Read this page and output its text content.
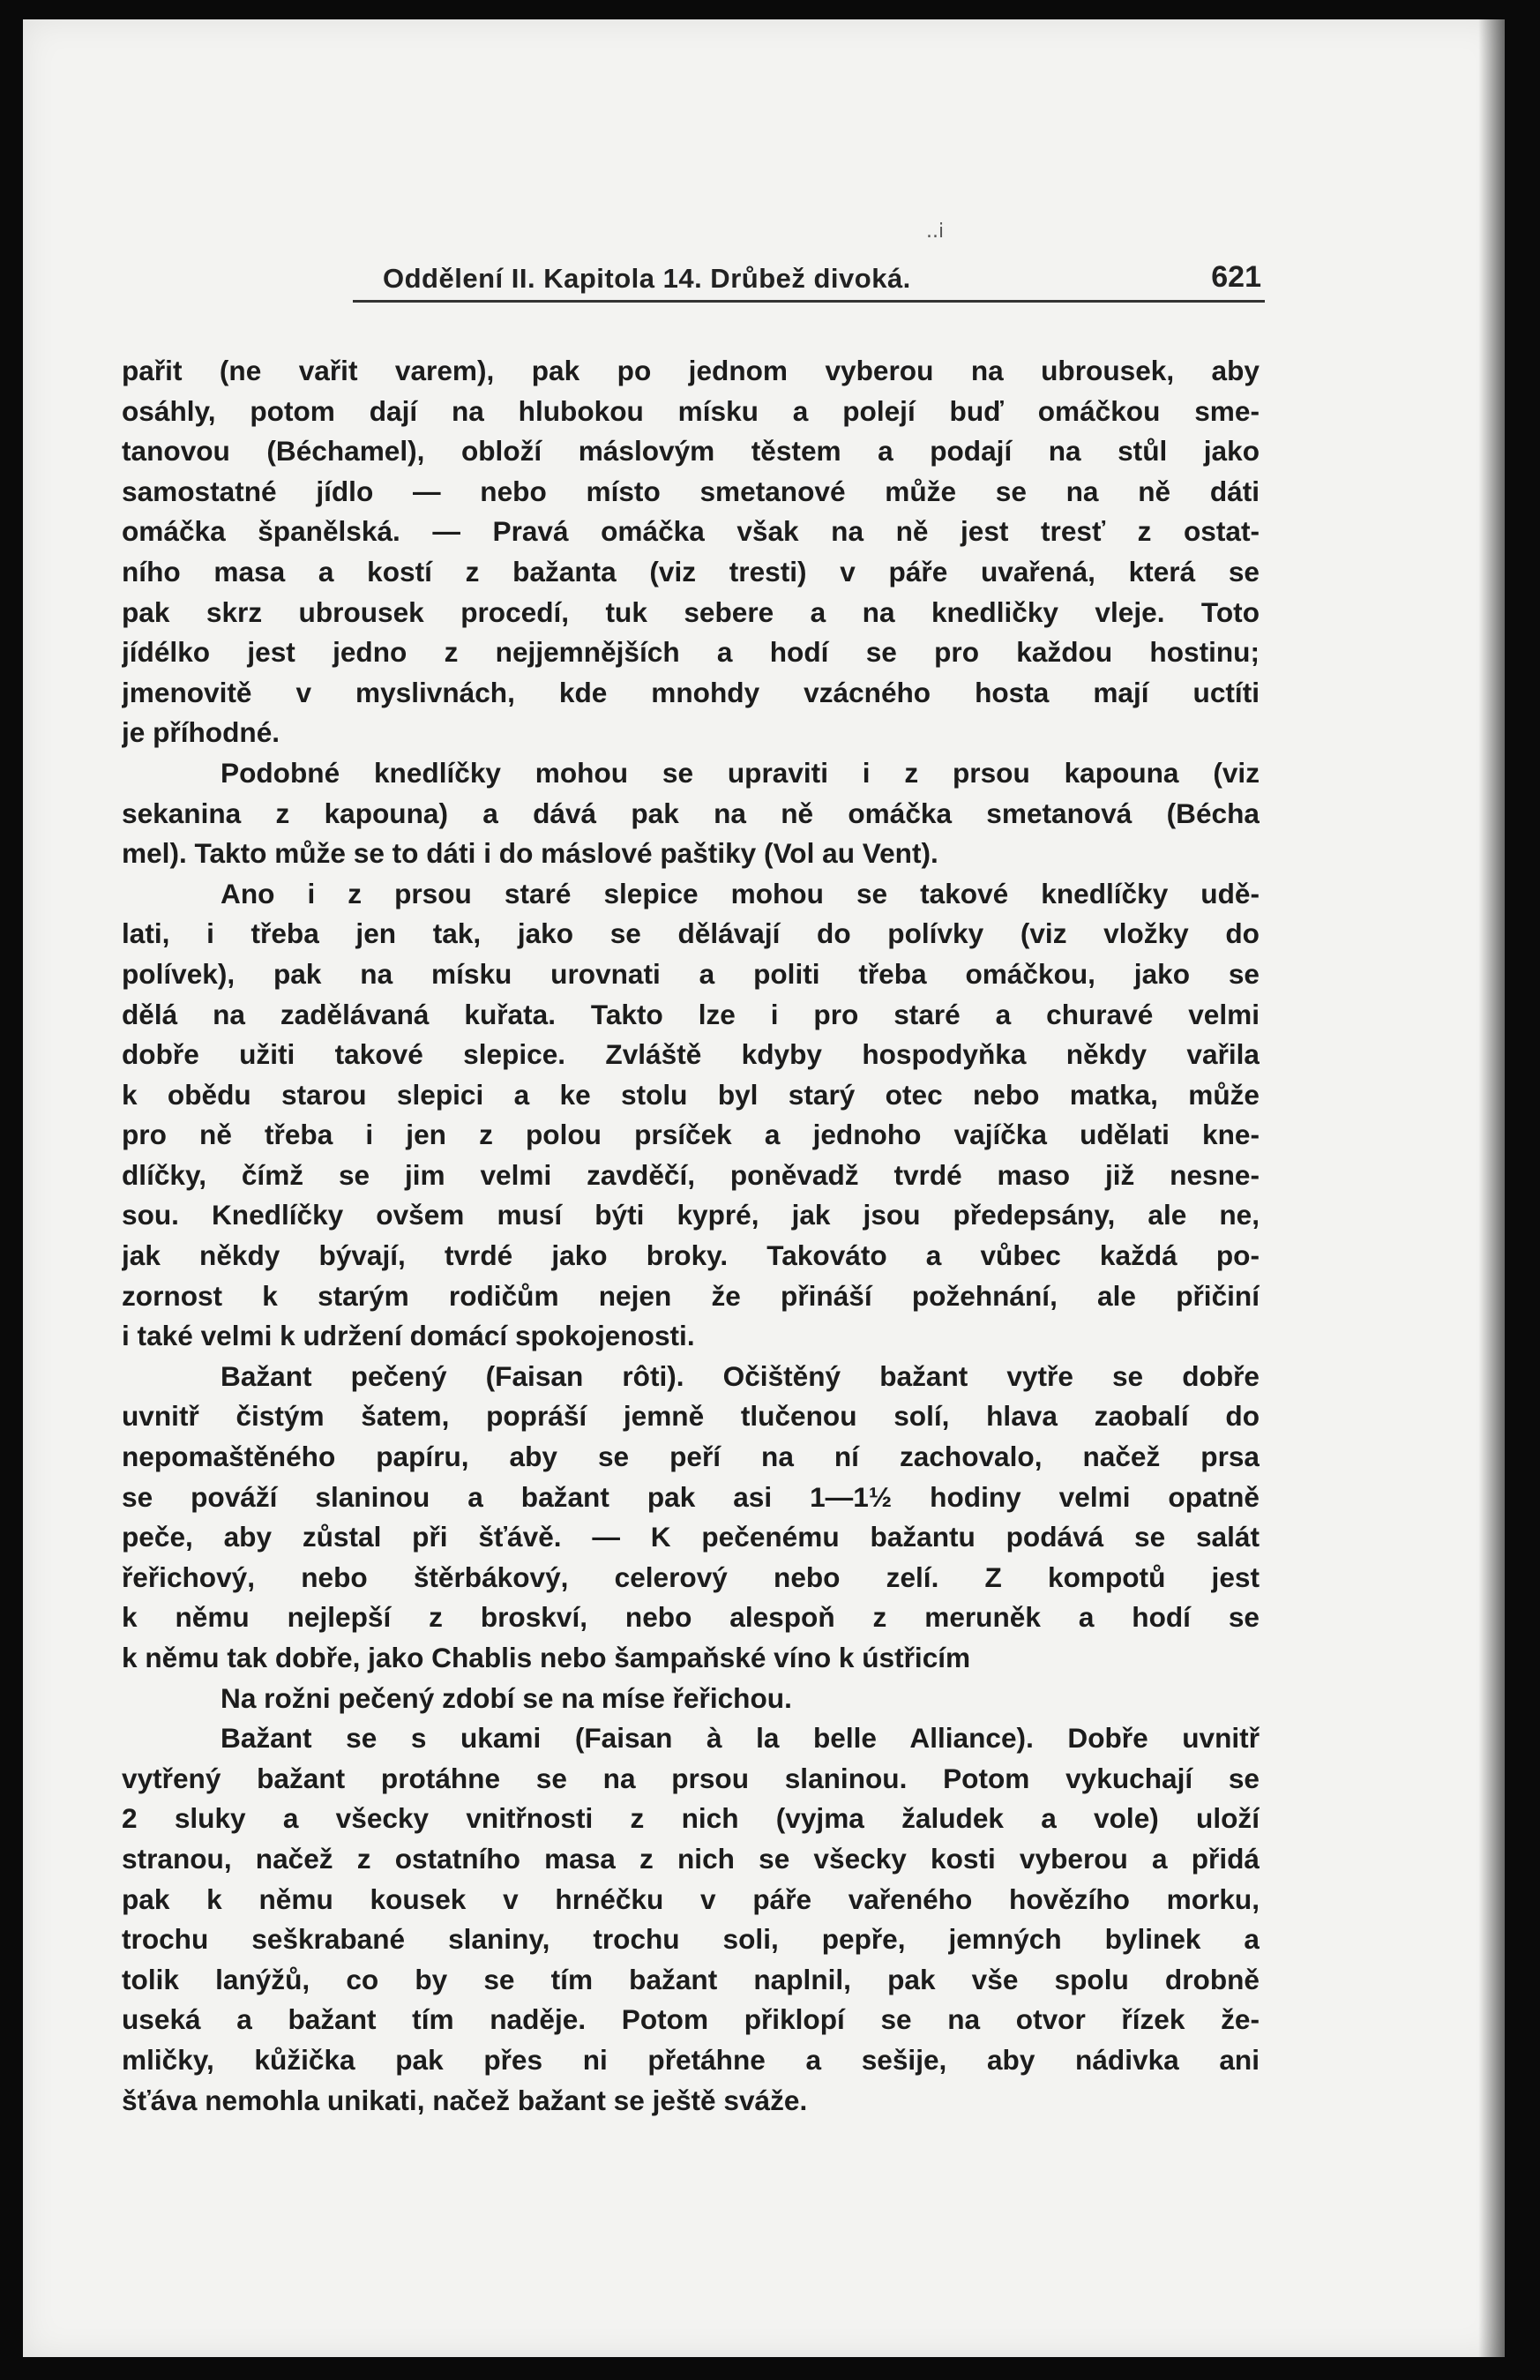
..i
Oddělení II. Kapitola 14. Drůbež divoká.	621

pařit (ne vařit varem), pak po jednom vyberou na ubrousek, aby
osáhly, potom dají na hlubokou mísku a polejí buď omáčkou sme-
tanovou (Béchamel), obloží máslovým těstem a podají na stůl jako
samostatné jídlo — nebo místo smetanové může se na ně dáti
omáčka španělská. — Pravá omáčka však na ně jest tresť z ostat-
ního masa a kostí z bažanta (viz tresti) v páře uvařená, která se
pak skrz ubrousek procedí, tuk sebere a na knedličky vleje. Toto
jídélko jest jedno z nejjemnějších a hodí se pro každou hostinu;
jmenovitě v myslivnách, kde mnohdy vzácného hosta mají uctíti
je příhodné.

Podobné knedlíčky mohou se upraviti i z prsou kapouna (viz
sekanina z kapouna) a dává pak na ně omáčka smetanová (Bécha
mel). Takto může se to dáti i do máslové paštiky (Vol au Vent).

Ano i z prsou staré slepice mohou se takové knedlíčky udě-
lati, i třeba jen tak, jako se dělávají do polívky (viz vložky do
polívek), pak na mísku urovnati a politi třeba omáčkou, jako se
dělá na zadělávaná kuřata. Takto lze i pro staré a churavé velmi
dobře užiti takové slepice. Zvláště kdyby hospodyňka někdy vařila
k obědu starou slepici a ke stolu byl starý otec nebo matka, může
pro ně třeba i jen z polou prsíček a jednoho vajíčka udělati kne-
dlíčky, čímž se jim velmi zavděčí, poněvadž tvrdé maso již nesne-
sou. Knedlíčky ovšem musí býti kypré, jak jsou předepsány, ale ne,
jak někdy bývají, tvrdé jako broky. Takováto a vůbec každá po-
zornost k starým rodičům nejen že přináší požehnání, ale přičiní
i také velmi k udržení domácí spokojenosti.

Bažant pečený (Faisan rôti). Očištěný bažant vytře se dobře
uvnitř čistým šatem, popráší jemně tlučenou solí, hlava zaobalí do
nepomaštěného papíru, aby se peří na ní zachovalo, načež prsa
se pováží slaninou a bažant pak asi 1—1½ hodiny velmi opatně
peče, aby zůstal při šťávě. — K pečenému bažantu podává se salát
řeřichový, nebo štěrbákový, celerový nebo zelí. Z kompotů jest
k němu nejlepší z broskví, nebo alespoň z meruněk a hodí se
k němu tak dobře, jako Chablis nebo šampaňské víno k ústřicím

Na rožni pečený zdobí se na míse řeřichou.

Bažant se s ukami (Faisan à la belle Alliance). Dobře uvnitř
vytřený bažant protáhne se na prsou slaninou. Potom vykuchají se
2 sluky a všecky vnitřnosti z nich (vyjma žaludek a vole) uloží
stranou, načež z ostatního masa z nich se všecky kosti vyberou a přidá
pak k němu kousek v hrnéčku v páře vařeného hovězího morku,
trochu seškrabané slaniny, trochu soli, pepře, jemných bylinek a
tolik lanýžů, co by se tím bažant naplnil, pak vše spolu drobně
useká a bažant tím nadějе. Potom přiklopí se na otvor řízek že-
mličky, kůžička pak přes ni přetáhne a sešije, aby nádivka ani
šťáva nemohla unikati, načež bažant se ještě sváže.
